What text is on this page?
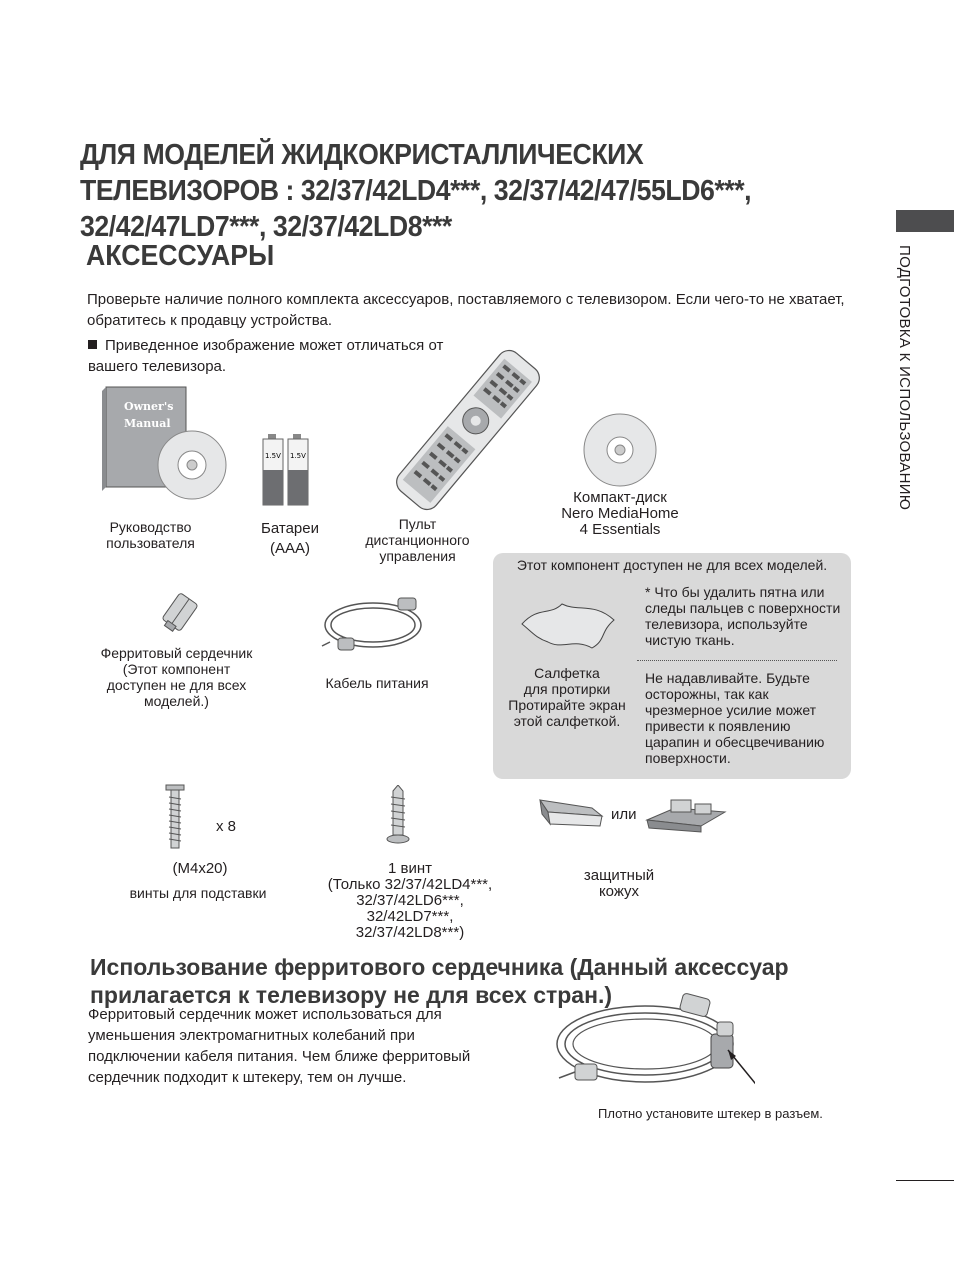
ДЛЯ МОДЕЛЕЙ ЖИДКОКРИСТАЛЛИЧЕСКИХ
ТЕЛЕВИЗОРОВ : 32/37/42LD4***, 32/37/42/47/55LD6***,
32/42/47LD7***, 32/37/42LD8***
АКСЕССУАРЫ	ПОДГОТОВКА К ИСПОЛЬЗОВАНИЮ
Проверьте наличие полного комплекта аксессуаров, поставляемого с телевизором. Если чего-то не хватает, обратитесь к продавцу устройства.
Приведенное изображение может отличаться от вашего телевизора.
Owner's
Manual
Руководство
пользователя
1.5V 1.5V
Батареи
(AAA)
Пульт
дистанционного
управления
Компакт-диск
Nero MediaHome
4 Essentials
Этот компонент доступен не для всех моделей.
Салфетка
для протирки
Протирайте экран
этой салфеткой.
* Что бы удалить пятна или следы пальцев с поверхности телевизора, используйте чистую ткань.
Не надавливайте. Будьте осторожны, так как чрезмерное усилие может привести к появлению царапин и обесцвечиванию поверхности.
Ферритовый сердечник
(Этот компонент
доступен не для всех
моделей.)
Кабель питания
x 8
(M4x20)
винты для подставки
1 винт
(Только 32/37/42LD4***,
32/37/42LD6***,
32/42LD7***,
32/37/42LD8***)
или
защитный
кожух
Использование ферритового сердечника (Данный аксессуар
прилагается к телевизору не для всех стран.)
Ферритовый сердечник может использоваться для уменьшения электромагнитных колебаний при подключении кабеля питания. Чем ближе ферритовый сердечник подходит к штекеру, тем он лучше.
Плотно установите штекер в разъем.
